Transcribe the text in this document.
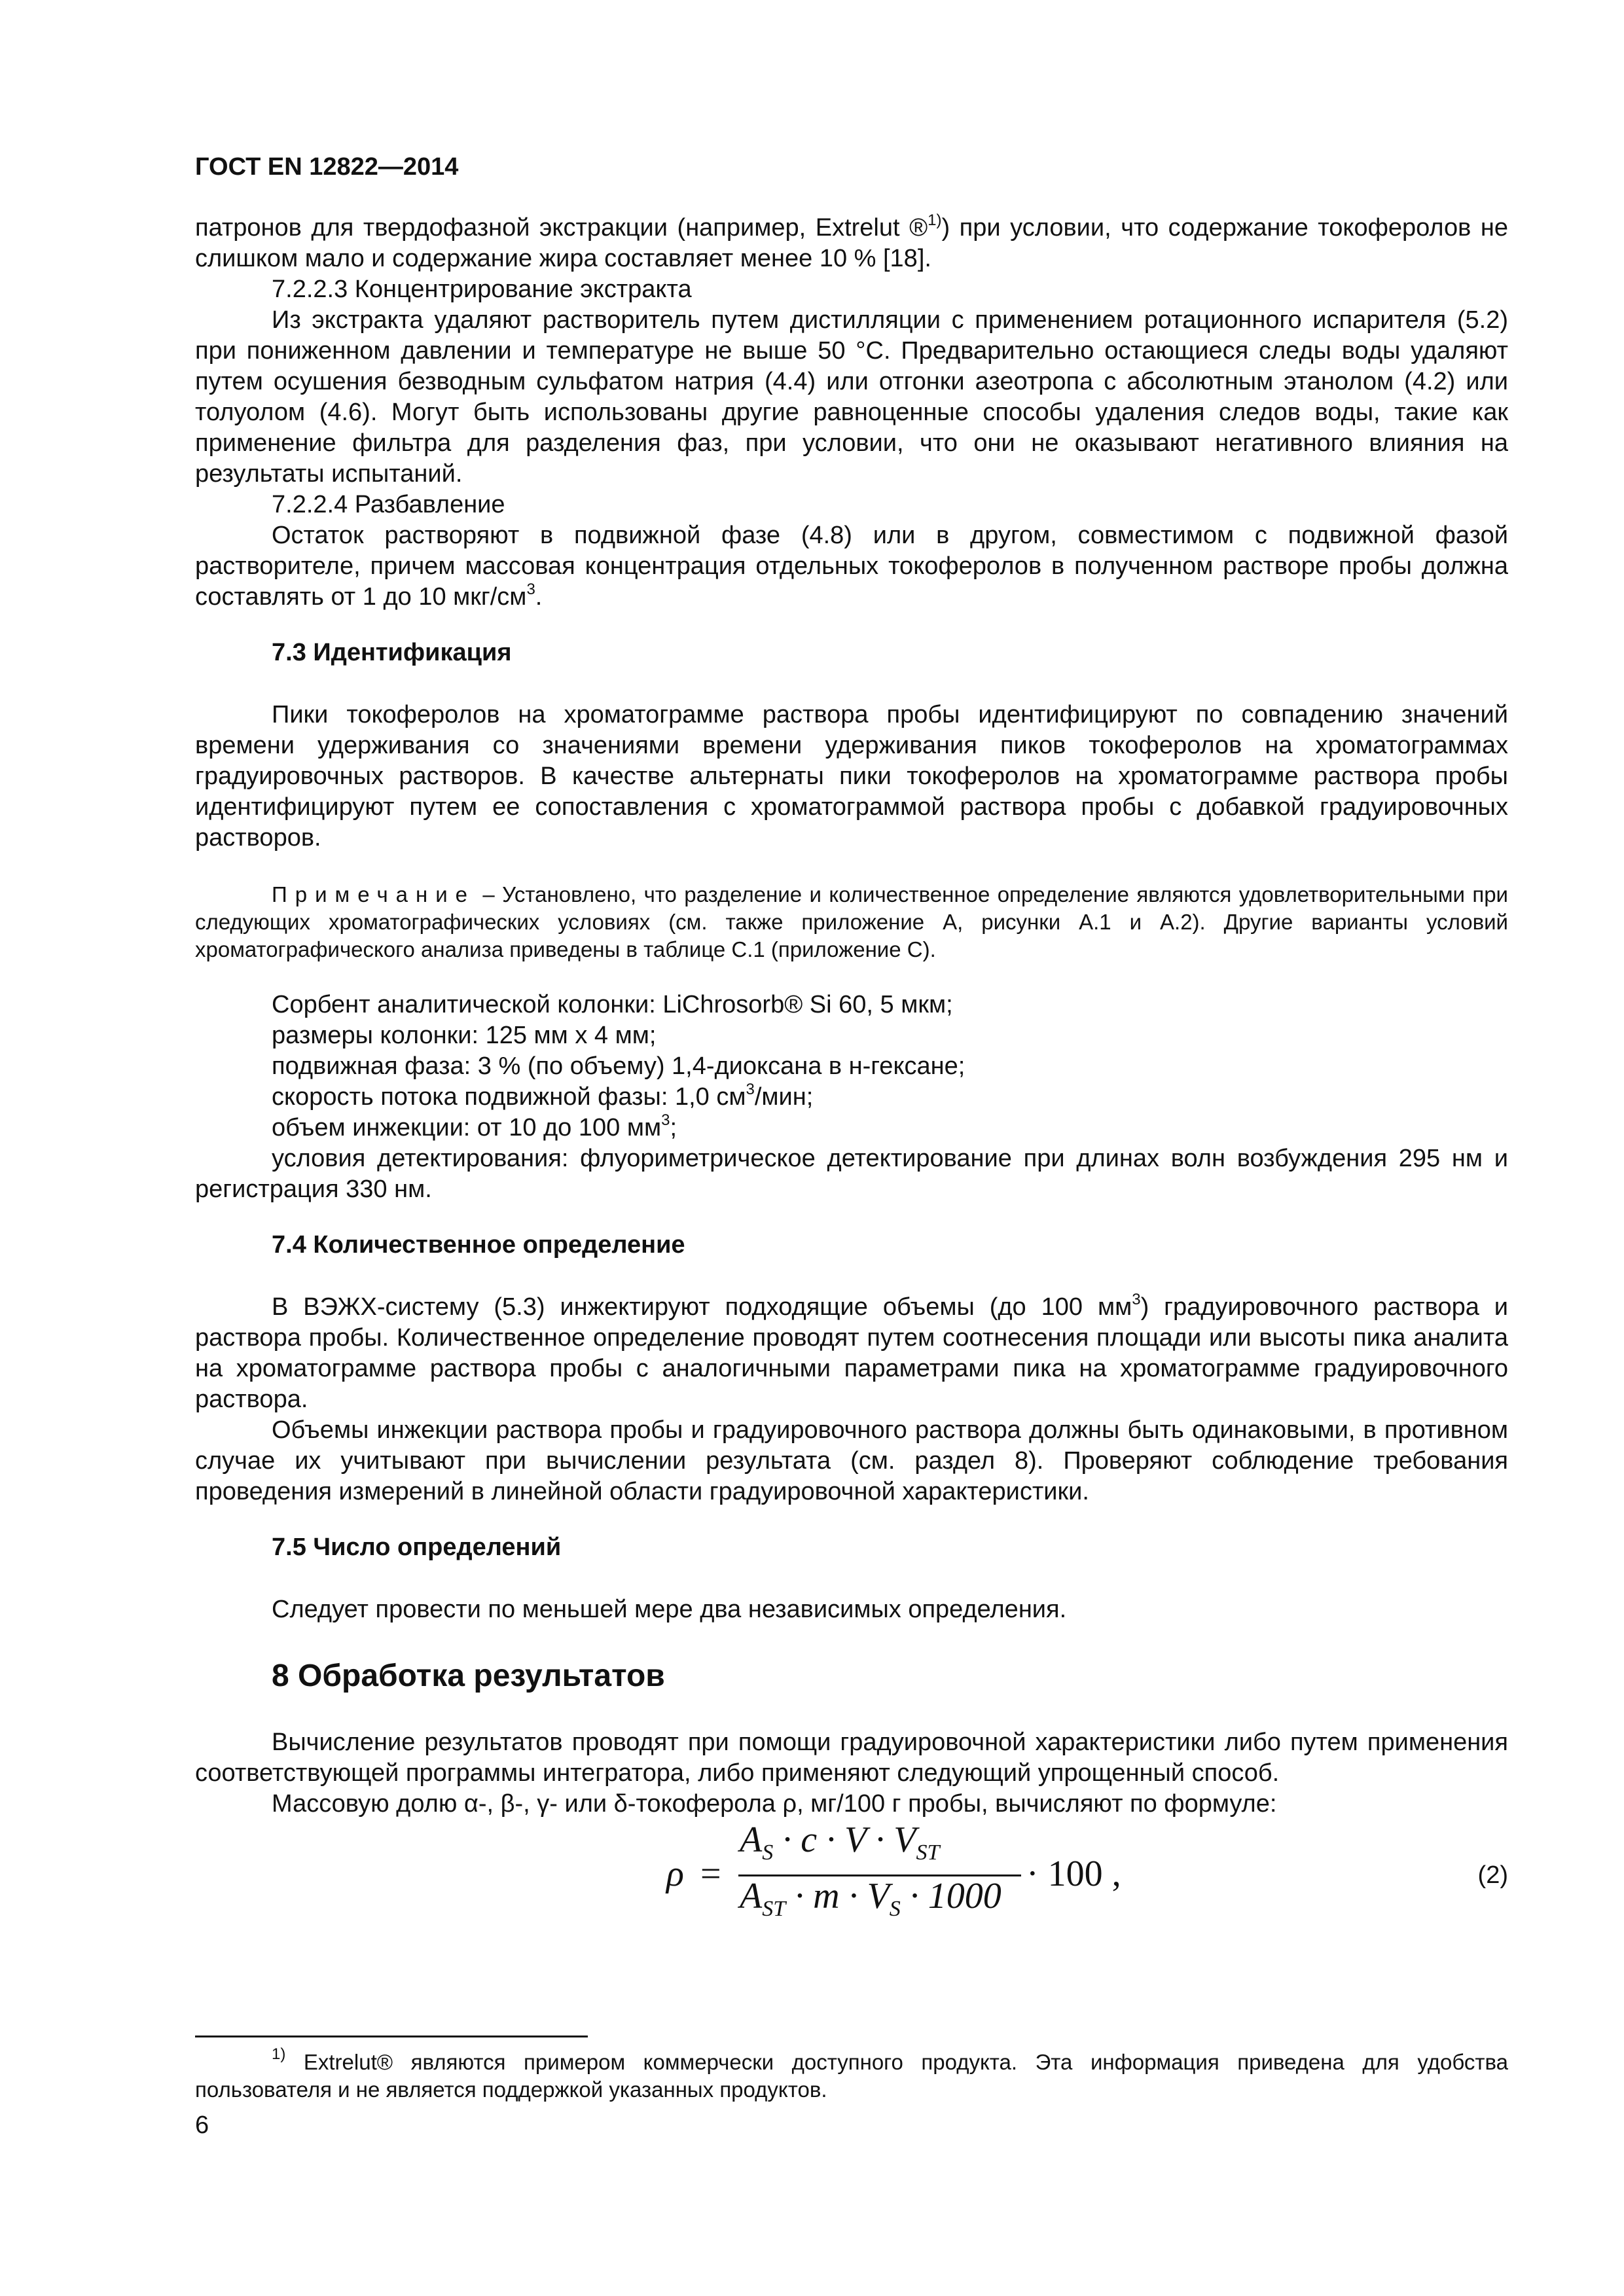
ГОСТ EN 12822—2014

патронов для твердофазной экстракции (например, Extrelut ®$^{1)}$) при условии, что содержание токоферолов не слишком мало и содержание жира составляет менее 10 % [18].

7.2.2.3 Концентрирование экстракта

Из экстракта удаляют растворитель путем дистилляции с применением ротационного испарителя (5.2) при пониженном давлении и температуре не выше 50 °С. Предварительно остающиеся следы воды удаляют путем осушения безводным сульфатом натрия (4.4) или отгонки азеотропа с абсолютным этанолом (4.2) или толуолом (4.6). Могут быть использованы другие равноценные способы удаления следов воды, такие как применение фильтра для разделения фаз, при условии, что они не оказывают негативного влияния на результаты испытаний.

7.2.2.4 Разбавление

Остаток растворяют в подвижной фазе (4.8) или в другом, совместимом с подвижной фазой растворителе, причем массовая концентрация отдельных токоферолов в полученном растворе пробы должна составлять от 1 до 10 мкг/$см^3$.

7.3 Идентификация

Пики токоферолов на хроматограмме раствора пробы идентифицируют по совпадению значений времени удерживания со значениями времени удерживания пиков токоферолов на хроматограммах градуировочных растворов. В качестве альтернаты пики токоферолов на хроматограмме раствора пробы идентифицируют путем ее сопоставления с хроматограммой раствора пробы с добавкой градуировочных растворов.

Примечание – Установлено, что разделение и количественное определение являются удовлетворительными при следующих хроматографических условиях (см. также приложение А, рисунки А.1 и А.2). Другие варианты условий хроматографического анализа приведены в таблице С.1 (приложение С).
Сорбент аналитической колонки: LiChrosorb® Si 60, 5 мкм;
размеры колонки: 125 мм х 4 мм;
подвижная фаза: 3 % (по объему) 1,4-диоксана в н-гексане;
скорость потока подвижной фазы: 1,0 $см^3$/мин;
объем инжекции: от 10 до 100 $мм^3$;

условия детектирования: флуориметрическое детектирование при длинах волн возбуждения 295 нм и регистрация 330 нм.

7.4 Количественное определение

В ВЭЖХ-систему (5.3) инжектируют подходящие объемы (до 100 $мм^3$) градуировочного раствора и раствора пробы. Количественное определение проводят путем соотнесения площади или высоты пика аналита на хроматограмме раствора пробы с аналогичными параметрами пика на хроматограмме градуировочного раствора.

Объемы инжекции раствора пробы и градуировочного раствора должны быть одинаковыми, в противном случае их учитывают при вычислении результата (см. раздел 8). Проверяют соблюдение требования проведения измерений в линейной области градуировочной характеристики.

7.5 Число определений

Следует провести по меньшей мере два независимых определения.

8 Обработка результатов

Вычисление результатов проводят при помощи градуировочной характеристики либо путем применения соответствующей программы интегратора, либо применяют следующий упрощенный способ.

Массовую долю α-, β-, γ- или δ-токоферола ρ, мг/100 г пробы, вычисляют по формуле:

ρ =
$A_S \cdot c \cdot V \cdot V_{ST}$
$A_{ST} \cdot m \cdot V_S \cdot 1000$
· 100 ,	(2)
$^{1)}$ Extrelut® являются примером коммерчески доступного продукта. Эта информация приведена для удобства пользователя и не является поддержкой указанных продуктов.
6
